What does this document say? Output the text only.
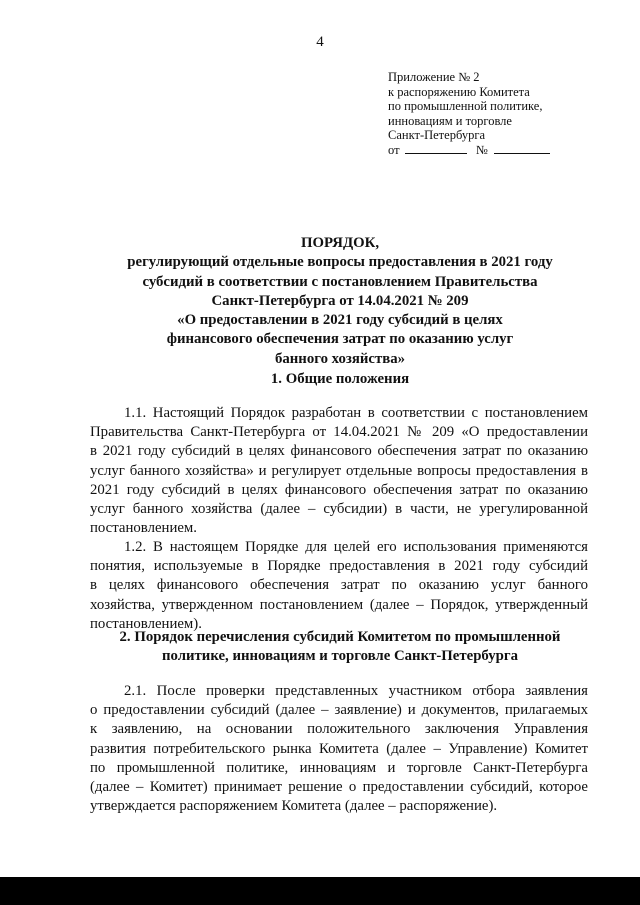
4
Приложение № 2
к распоряжению Комитета
по промышленной политике,
инновациям и торговле
Санкт-Петербурга
от	№
ПОРЯДОК,
регулирующий отдельные вопросы предоставления в 2021 году
субсидий в соответствии с постановлением Правительства
Санкт-Петербурга от 14.04.2021 № 209
«О предоставлении в 2021 году субсидий в целях
финансового обеспечения затрат по оказанию услуг
банного хозяйства»
1. Общие положения
1.1. Настоящий Порядок разработан в соответствии с постановлением
Правительства Санкт-Петербурга от 14.04.2021 № 209 «О предоставлении
в 2021 году субсидий в целях финансового обеспечения затрат по оказанию
услуг банного хозяйства» и регулирует отдельные вопросы предоставления в
2021 году субсидий в целях финансового обеспечения затрат по оказанию
услуг банного хозяйства (далее – субсидии) в части, не урегулированной
постановлением.
1.2. В настоящем Порядке для целей его использования применяются
понятия, используемые в Порядке предоставления в 2021 году субсидий
в целях финансового обеспечения затрат по оказанию услуг банного
хозяйства, утвержденном постановлением (далее – Порядок, утвержденный
постановлением).
2. Порядок перечисления субсидий Комитетом по промышленной
политике, инновациям и торговле Санкт-Петербурга
2.1. После проверки представленных участником отбора заявления
о предоставлении субсидий (далее – заявление) и документов, прилагаемых
к заявлению, на основании положительного заключения Управления
развития потребительского рынка Комитета (далее – Управление) Комитет
по промышленной политике, инновациям и торговле Санкт-Петербурга
(далее – Комитет) принимает решение о предоставлении субсидий, которое
утверждается распоряжением Комитета (далее – распоряжение).
